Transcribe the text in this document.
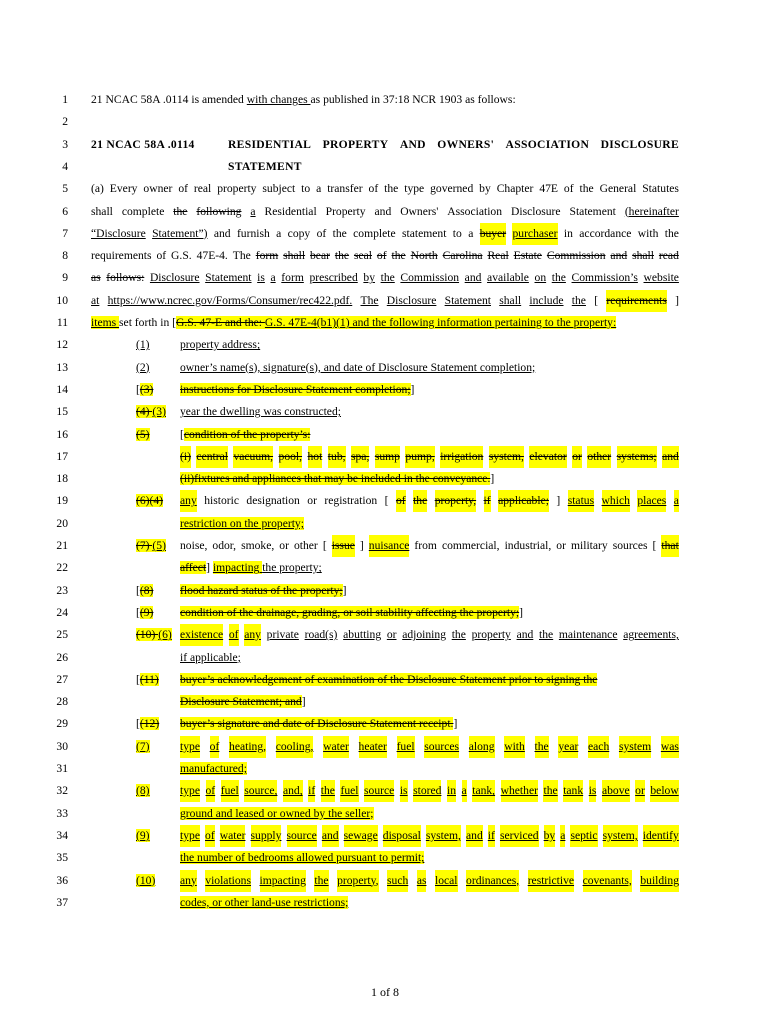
1 of 8
1 21 NCAC 58A .0114 is amended with changes as published in 37:18 NCR 1903 as follows:
2
3 21 NCAC 58A .0114	RESIDENTIAL PROPERTY AND OWNERS' ASSOCIATION DISCLOSURE
4	STATEMENT
5 (a) Every owner of real property subject to a transfer of the type governed by Chapter 47E of the General Statutes
6 shall complete the following a Residential Property and Owners' Association Disclosure Statement (hereinafter
7 “Disclosure Statement”) and furnish a copy of the complete statement to a buyer purchaser in accordance with the
8 requirements of G.S. 47E-4. The form shall bear the seal of the North Carolina Real Estate Commission and shall read
9 as follows: Disclosure Statement is a form prescribed by the Commission and available on the Commission’s website
10 at https://www.ncrec.gov/Forms/Consumer/rec422.pdf. The Disclosure Statement shall include the [ requirements ]
11 items set forth in [G.S. 47-E and the: G.S. 47E-4(b1)(1) and the following information pertaining to the property:
12	(1)	property address;
13	(2)	owner’s name(s), signature(s), and date of Disclosure Statement completion;
14	[(3) instructions for Disclosure Statement completion;]
15	(4) (3) year the dwelling was constructed;
16	(5)	[condition of the property’s:
17	(i) central vacuum, pool, hot tub, spa, sump pump, irrigation system, elevator or other systems; and
18	(ii)fixtures and appliances that may be included in the conveyance.]
19	(6)(4) any historic designation or registration [ of the property, if applicable; ] status which places a
20	restriction on the property;
21	(7) (5) noise, odor, smoke, or other [ issue ] nuisance from commercial, industrial, or military sources [ that
22	affect] impacting the property;
23	[(8) flood hazard status of the property;]
24	[(9) condition of the drainage, grading, or soil stability affecting the property;]
25	(10) (6) existence of any private road(s) abutting or adjoining the property and the maintenance agreements,
26	if applicable;
27	[(11) buyer’s acknowledgement of examination of the Disclosure Statement prior to signing the
28	Disclosure Statement; and]
29	[(12) buyer’s signature and date of Disclosure Statement receipt.]
30	(7)	type of heating, cooling, water heater fuel sources along with the year each system was
31	manufactured;
32	(8)	type of fuel source, and, if the fuel source is stored in a tank, whether the tank is above or below
33	ground and leased or owned by the seller;
34	(9)	type of water supply source and sewage disposal system, and if serviced by a septic system, identify
35	the number of bedrooms allowed pursuant to permit;
36	(10) any violations impacting the property, such as local ordinances, restrictive covenants, building
37	codes, or other land-use restrictions;
